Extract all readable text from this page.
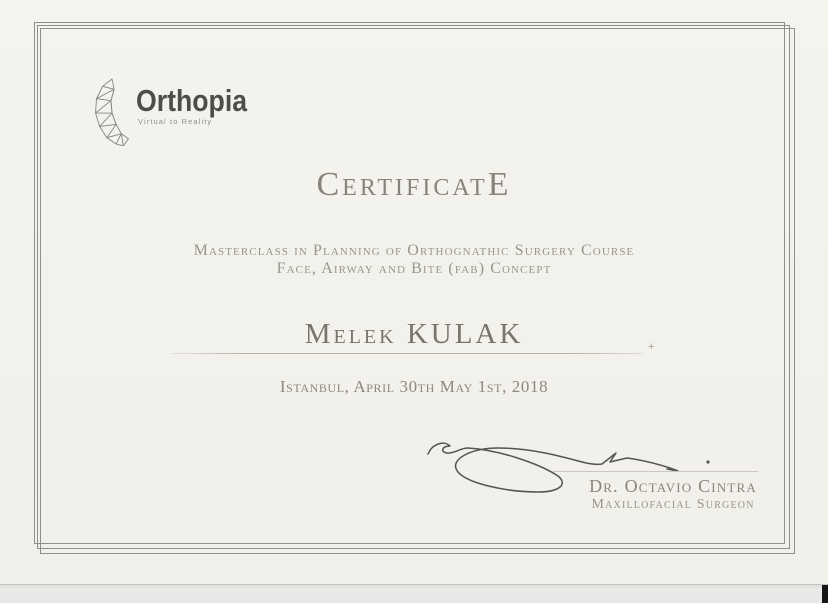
Orthopia
Virtual to Reality
CertificatE
Masterclass in Planning of Orthognathic Surgery Course
Face, Airway and Bite (fab) Concept
Melek KULAK	+
Istanbul, April 30th May 1st, 2018
Dr. Octavio Cintra
Maxillofacial Surgeon
